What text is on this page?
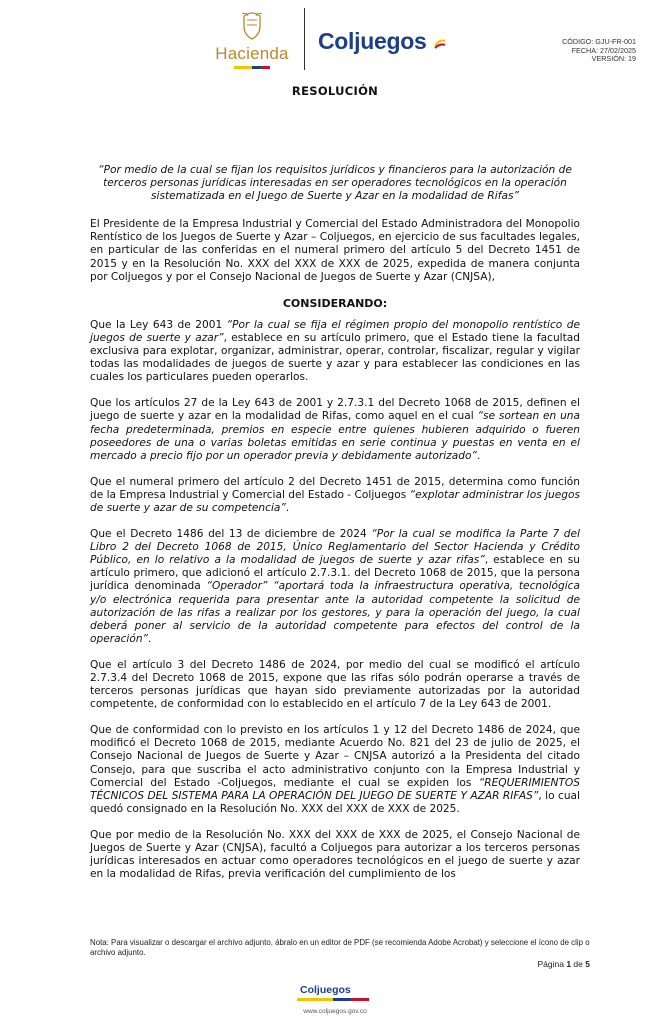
Hacienda Coljuegos	CÓDIGO: GJU-FR-001
FECHA: 27/02/2025
VERSIÓN: 19
RESOLUCIÓN

“Por medio de la cual se fijan los requisitos jurídicos y financieros para la autorización de terceros personas jurídicas interesadas en ser operadores tecnológicos en la operación sistematizada en el Juego de Suerte y Azar en la modalidad de Rifas”

El Presidente de la Empresa Industrial y Comercial del Estado Administradora del Monopolio Rentístico de los Juegos de Suerte y Azar – Coljuegos, en ejercicio de sus facultades legales, en particular de las conferidas en el numeral primero del artículo 5 del Decreto 1451 de 2015 y en la Resolución No. XXX del XXX de XXX de 2025, expedida de manera conjunta por Coljuegos y por el Consejo Nacional de Juegos de Suerte y Azar (CNJSA),

CONSIDERANDO:

Que la Ley 643 de 2001 “Por la cual se fija el régimen propio del monopolio rentístico de juegos de suerte y azar”, establece en su artículo primero, que el Estado tiene la facultad exclusiva para explotar, organizar, administrar, operar, controlar, fiscalizar, regular y vigilar todas las modalidades de juegos de suerte y azar y para establecer las condiciones en las cuales los particulares pueden operarlos.

Que los artículos 27 de la Ley 643 de 2001 y 2.7.3.1 del Decreto 1068 de 2015, definen el juego de suerte y azar en la modalidad de Rifas, como aquel en el cual “se sortean en una fecha predeterminada, premios en especie entre quienes hubieren adquirido o fueren poseedores de una o varias boletas emitidas en serie continua y puestas en venta en el mercado a precio fijo por un operador previa y debidamente autorizado”.

Que el numeral primero del artículo 2 del Decreto 1451 de 2015, determina como función de la Empresa Industrial y Comercial del Estado - Coljuegos “explotar administrar los juegos de suerte y azar de su competencia”.

Que el Decreto 1486 del 13 de diciembre de 2024 “Por la cual se modifica la Parte 7 del Libro 2 del Decreto 1068 de 2015, Único Reglamentario del Sector Hacienda y Crédito Público, en lo relativo a la modalidad de juegos de suerte y azar rifas”, establece en su artículo primero, que adicionó el artículo 2.7.3.1. del Decreto 1068 de 2015, que la persona jurídica denominada “Operador” “aportará toda la infraestructura operativa, tecnológica y/o electrónica requerida para presentar ante la autoridad competente la solicitud de autorización de las rifas a realizar por los gestores, y para la operación del juego, la cual deberá poner al servicio de la autoridad competente para efectos del control de la operación”.

Que el artículo 3 del Decreto 1486 de 2024, por medio del cual se modificó el artículo 2.7.3.4 del Decreto 1068 de 2015, expone que las rifas sólo podrán operarse a través de terceros personas jurídicas que hayan sido previamente autorizadas por la autoridad competente, de conformidad con lo establecido en el artículo 7 de la Ley 643 de 2001.

Que de conformidad con lo previsto en los artículos 1 y 12 del Decreto 1486 de 2024, que modificó el Decreto 1068 de 2015, mediante Acuerdo No. 821 del 23 de julio de 2025, el Consejo Nacional de Juegos de Suerte y Azar – CNJSA autorizó a la Presidenta del citado Consejo, para que suscriba el acto administrativo conjunto con la Empresa Industrial y Comercial del Estado -Coljuegos, mediante el cual se expiden los “REQUERIMIENTOS TÉCNICOS DEL SISTEMA PARA LA OPERACIÓN DEL JUEGO DE SUERTE Y AZAR RIFAS”, lo cual quedó consignado en la Resolución No. XXX del XXX de XXX de 2025.

Que por medio de la Resolución No. XXX del XXX de XXX de 2025, el Consejo Nacional de Juegos de Suerte y Azar (CNJSA), facultó a Coljuegos para autorizar a los terceros personas jurídicas interesados en actuar como operadores tecnológicos en el juego de suerte y azar en la modalidad de Rifas, previa verificación del cumplimiento de los

Nota: Para visualizar o descargar el archivo adjunto, ábralo en un editor de PDF (se recomienda Adobe Acrobat) y seleccione el ícono de clip o archivo adjunto.
Página 1 de 5
Coljuegos
www.coljuegos.gov.co
